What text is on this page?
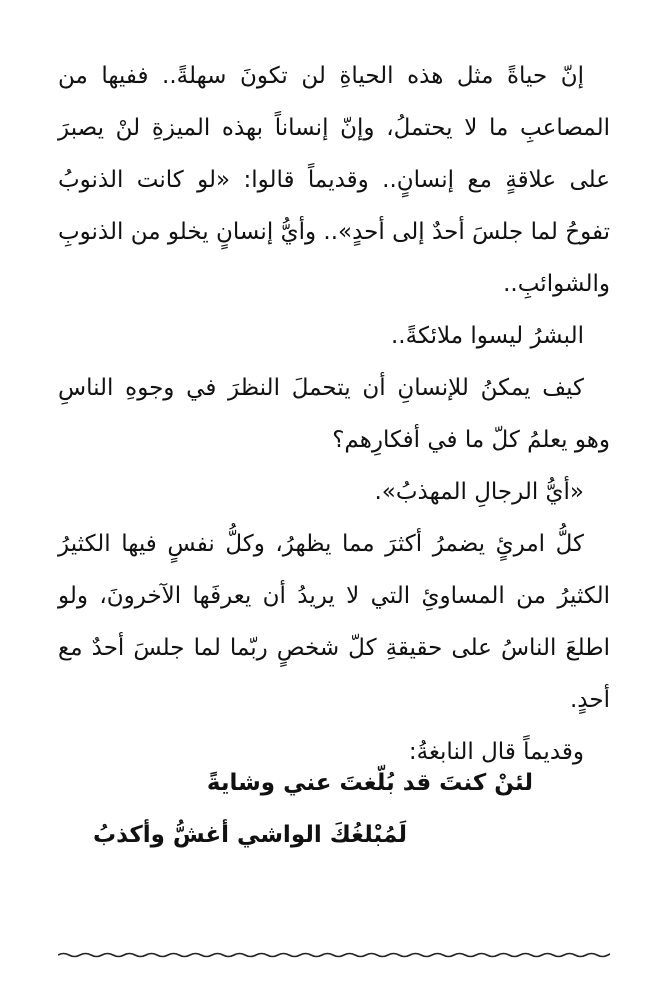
إنّ حياةً مثل هذه الحياةِ لن تكونَ سهلةً.. ففيها من المصاعبِ ما لا يحتملُ، وإنّ إنساناً بهذه الميزةِ لنْ يصبرَ على علاقةٍ مع إنسانٍ.. وقديماً قالوا: «لو كانت الذنوبُ تفوحُ لما جلسَ أحدٌ إلى أحدٍ».. وأيُّ إنسانٍ يخلو من الذنوبِ والشوائبِ..

البشرُ ليسوا ملائكةً..

كيف يمكنُ للإنسانِ أن يتحملَ النظرَ في وجوهِ الناسِ وهو يعلمُ كلّ ما في أفكارِهم؟

«أيُّ الرجالِ المهذبُ».

كلُّ امرئٍ يضمرُ أكثرَ مما يظهرُ، وكلُّ نفسٍ فيها الكثيرُ الكثيرُ من المساوئِ التي لا يريدُ أن يعرفَها الآخرونَ، ولو اطلعَ الناسُ على حقيقةِ كلّ شخصٍ ربّما لما جلسَ أحدٌ مع أحدٍ.

وقديماً قال النابغةُ:

لئنْ كنتَ قد بُلّغتَ عني وشايةً

لَمُبْلغُكَ الواشي أغشُّ وأكذبُ
